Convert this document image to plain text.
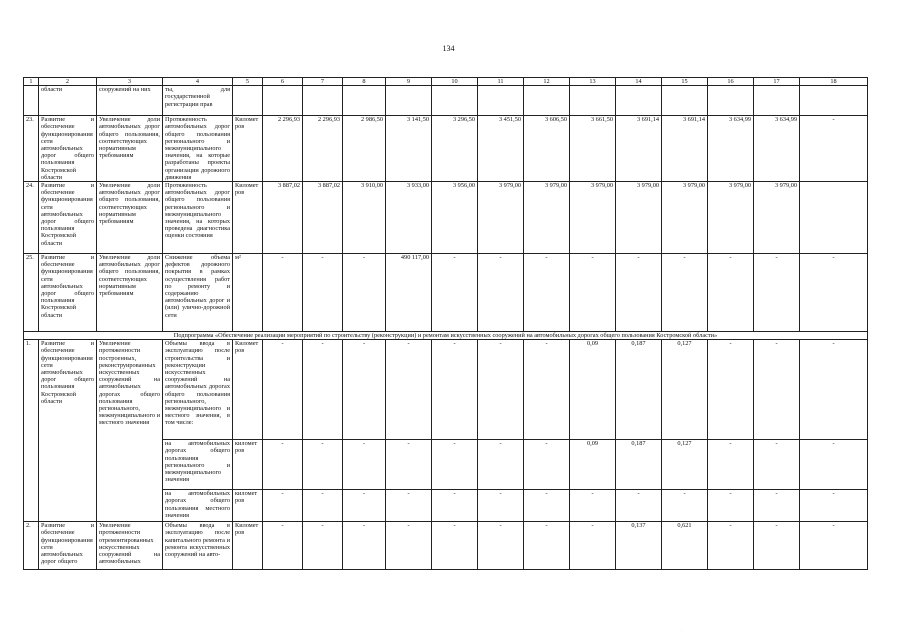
134
1	2	3	4	5	6	7	8	9	10	11	12	13	14	15	16	17	18
	области	сооружений на них	ты, для государственной регистрации прав														
23.	Развитие и обеспечение функционирования сети автомобильных дорог общего пользования Костромской области	Увеличение доли автомобильных дорог общего пользования, соответствующих нормативным требованиям	Протяженность автомобильных дорог общего пользования регионального и межмуниципального значения, на которые разработаны проекты организации дорожного движения	Километров	2 296,93	2 296,93	2 986,50	3 141,50	3 296,50	3 451,50	3 606,50	3 661,50	3 691,14	3 691,14	3 634,99	3 634,99	-
24.	Развитие и обеспечение функционирования сети автомобильных дорог общего пользования Костромской области	Увеличение доли автомобильных дорог общего пользования, соответствующих нормативным требованиям	Протяженность автомобильных дорог общего пользования регионального и межмуниципального значения, на которых проведена диагностика оценки состояния	Километров	3 887,02	3 887,02	3 910,00	3 933,00	3 956,00	3 979,00	3 979,00	3 979,00	3 979,00	3 979,00	3 979,00	3 979,00	
25.	Развитие и обеспечение функционирования сети автомобильных дорог общего пользования Костромской области	Увеличение доли автомобильных дорог общего пользования, соответствующих нормативным требованиям	Снижение объема дефектов дорожного покрытия в рамках осуществления работ по ремонту и содержанию автомобильных дорог и (или) улично-дорожной сети	м²	-	-	-	490 117,00	-	-	-	-	-	-	-	-	-
Подпрограмма «Обеспечение реализации мероприятий по строительству (реконструкции) и ремонтам искусственных сооружений на автомобильных дорогах общего пользования Костромской области»																	
1.	Развитие и обеспечение функционирования сети автомобильных дорог общего пользования Костромской области	Увеличение протяженности построенных, реконструированных искусственных сооружений на автомобильных дорогах общего пользования регионального, межмуниципального и местного значения	Объемы ввода в эксплуатацию после строительства и реконструкции искусственных сооружений на автомобильных дорогах общего пользования регионального, межмуниципального и местного значения, в том числе:	Километров	-	-	-	-	-	-	-	0,09	0,187	0,127	-	-	-
			на автомобильных дорогах общего пользования регионального и межмуниципального значения	километров	-	-	-	-	-	-	-	0,09	0,187	0,127	-	-	-
			на автомобильных дорогах общего пользования местного значения	километров	-	-	-	-	-	-	-	-	-	-	-	-	-
2.	Развитие и обеспечение функционирования сети автомобильных дорог общего	Увеличение протяженности отремонтированных искусственных сооружений на автомобильных	Объемы ввода в эксплуатацию после капитального ремонта и ремонта искусственных сооружений на авто-	Километров	-	-	-	-	-	-	-	-	0,137	0,621	-	-	-
·
